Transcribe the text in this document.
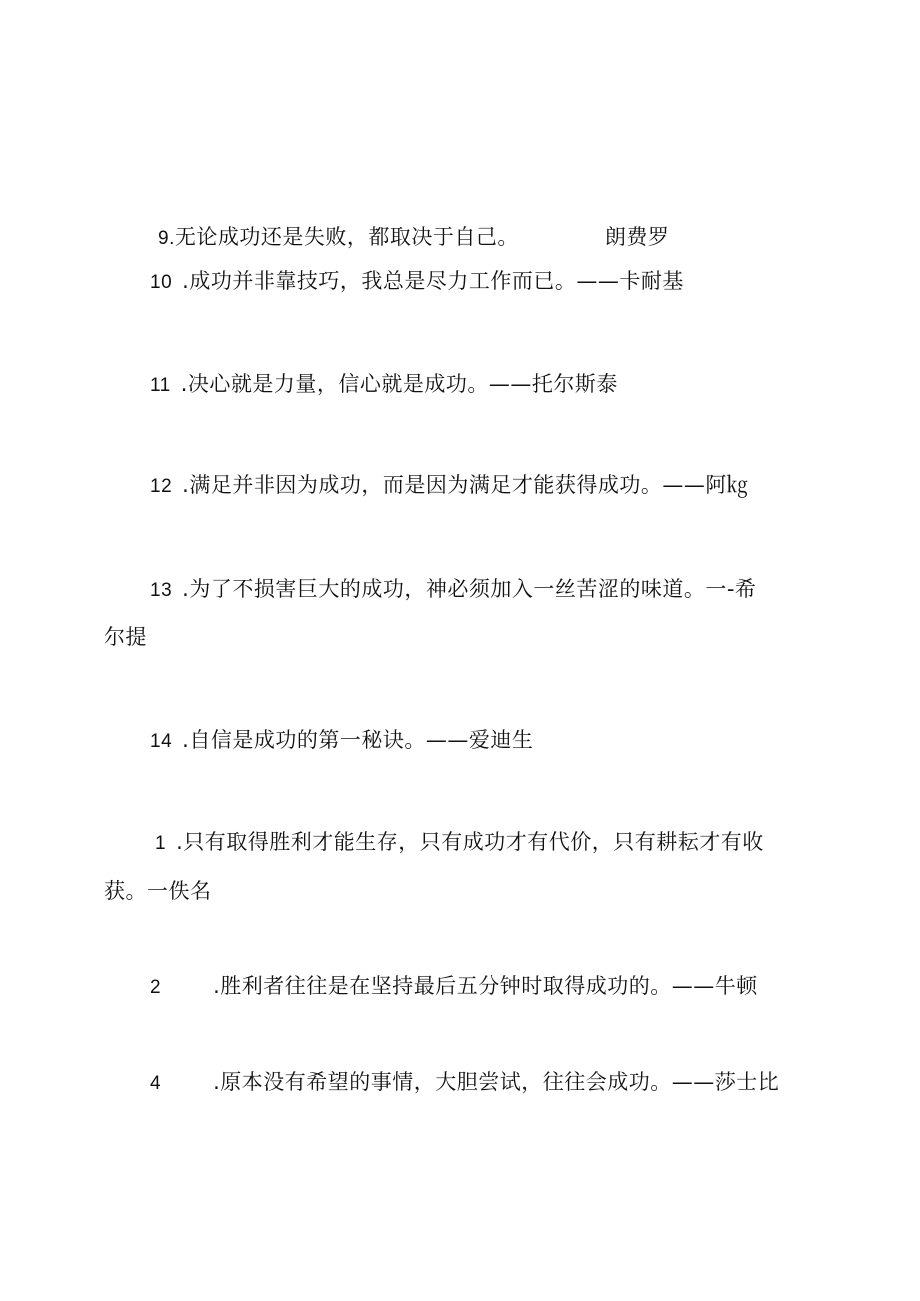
9.无论成功还是失败，都取决于自己。	朗费罗
10 .成功并非靠技巧，我总是尽力工作而已。——卡耐基
11 .决心就是力量，信心就是成功。——托尔斯泰
12 .满足并非因为成功，而是因为满足才能获得成功。——阿㎏
13 .为了不损害巨大的成功，神必须加入一丝苦涩的味道。一-希
尔提
14 .自信是成功的第一秘诀。——爱迪生
1 .只有取得胜利才能生存，只有成功才有代价，只有耕耘才有收
获。一佚名
2 .胜利者往往是在坚持最后五分钟时取得成功的。——牛顿
4 .原本没有希望的事情，大胆尝试，往往会成功。——莎士比
